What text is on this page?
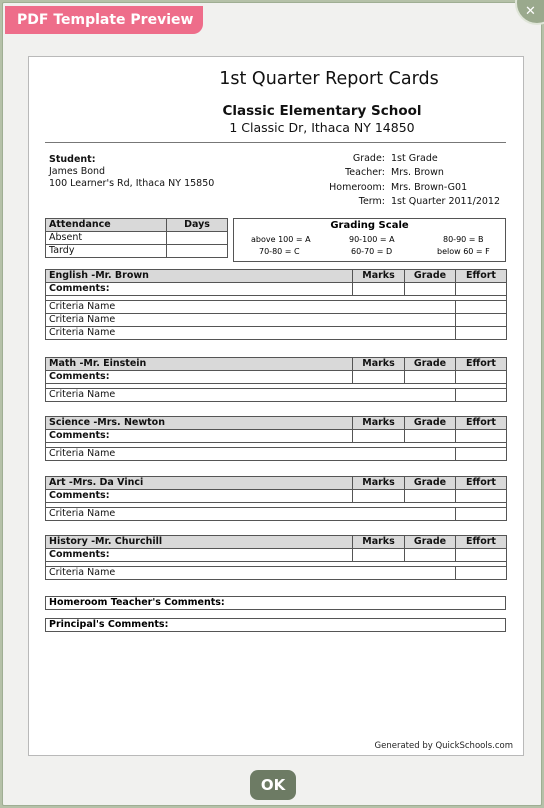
PDF Template Preview
✕
1st Quarter Report Cards
Classic Elementary School
1 Classic Dr, Ithaca NY 14850
Student:
James Bond
100 Learner's Rd, Ithaca NY 15850
Grade: 1st Grade
Teacher: Mrs. Brown
Homeroom: Mrs. Brown-G01
Term: 1st Quarter 2011/2012
Attendance	Days
Absent	
Tardy	
Grading Scale
above 100 = A	90-100 = A	80-90 = B
70-80 = C	60-70 = D	below 60 = F
English -Mr. Brown	Marks	Grade	Effort
Comments:			

Criteria Name			
Criteria Name			
Criteria Name			
Math -Mr. Einstein	Marks	Grade	Effort
Comments:			

Criteria Name			
Science -Mrs. Newton	Marks	Grade	Effort
Comments:			

Criteria Name			
Art -Mrs. Da Vinci	Marks	Grade	Effort
Comments:			

Criteria Name			
History -Mr. Churchill	Marks	Grade	Effort
Comments:			

Criteria Name			
Homeroom Teacher's Comments:
Principal's Comments:
Generated by QuickSchools.com
OK
